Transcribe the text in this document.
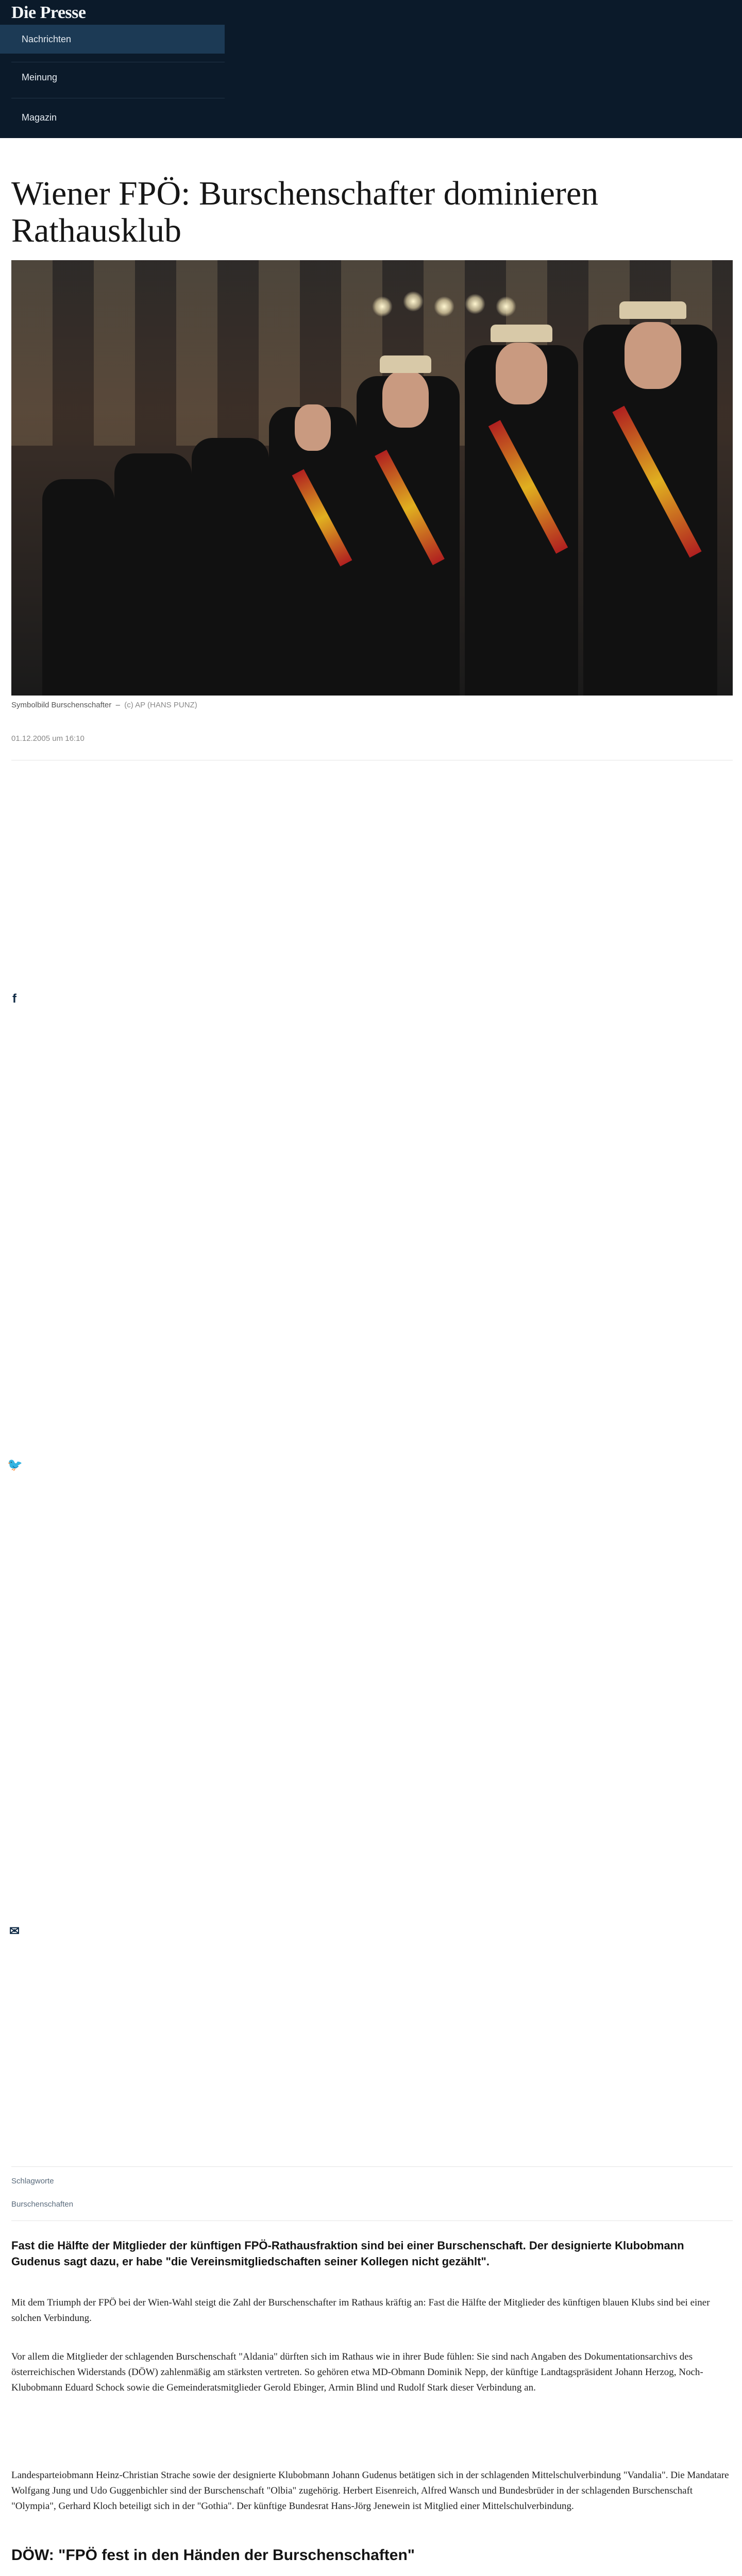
Die Presse
Nachrichten
Meinung
Magazin
Wiener FPÖ: Burschenschafter dominieren Rathausklub
Symbolbild Burschenschafter  –  (c) AP (HANS PUNZ)
01.12.2005 um 16:10
f
🐦
✉
Schlagworte
Burschenschaften

Fast die Hälfte der Mitglieder der künftigen FPÖ-Rathausfraktion sind bei einer Burschenschaft. Der designierte Klubobmann Gudenus sagt dazu, er habe "die Vereinsmitgliedschaften seiner Kollegen nicht gezählt".

Mit dem Triumph der FPÖ bei der Wien-Wahl steigt die Zahl der Burschenschafter im Rathaus kräftig an: Fast die Hälfte der Mitglieder des künftigen blauen Klubs sind bei einer solchen Verbindung.

Vor allem die Mitglieder der schlagenden Burschenschaft "Aldania" dürften sich im Rathaus wie in ihrer Bude fühlen: Sie sind nach Angaben des Dokumentationsarchivs des österreichischen Widerstands (DÖW) zahlenmäßig am stärksten vertreten. So gehören etwa MD-Obmann Dominik Nepp, der künftige Landtagspräsident Johann Herzog, Noch-Klubobmann Eduard Schock sowie die Gemeinderatsmitglieder Gerold Ebinger, Armin Blind und Rudolf Stark dieser Verbindung an.

Landesparteiobmann Heinz-Christian Strache sowie der designierte Klubobmann Johann Gudenus betätigen sich in der schlagenden Mittelschulverbindung "Vandalia". Die Mandatare Wolfgang Jung und Udo Guggenbichler sind der Burschenschaft "Olbia" zugehörig. Herbert Eisenreich, Alfred Wansch und Bundesbrüder in der schlagenden Burschenschaft "Olympia", Gerhard Kloch beteiligt sich in der "Gothia". Der künftige Bundesrat Hans-Jörg Jenewein ist Mitglied einer Mittelschulverbindung.

DÖW: "FPÖ fest in den Händen der Burschenschaften"
